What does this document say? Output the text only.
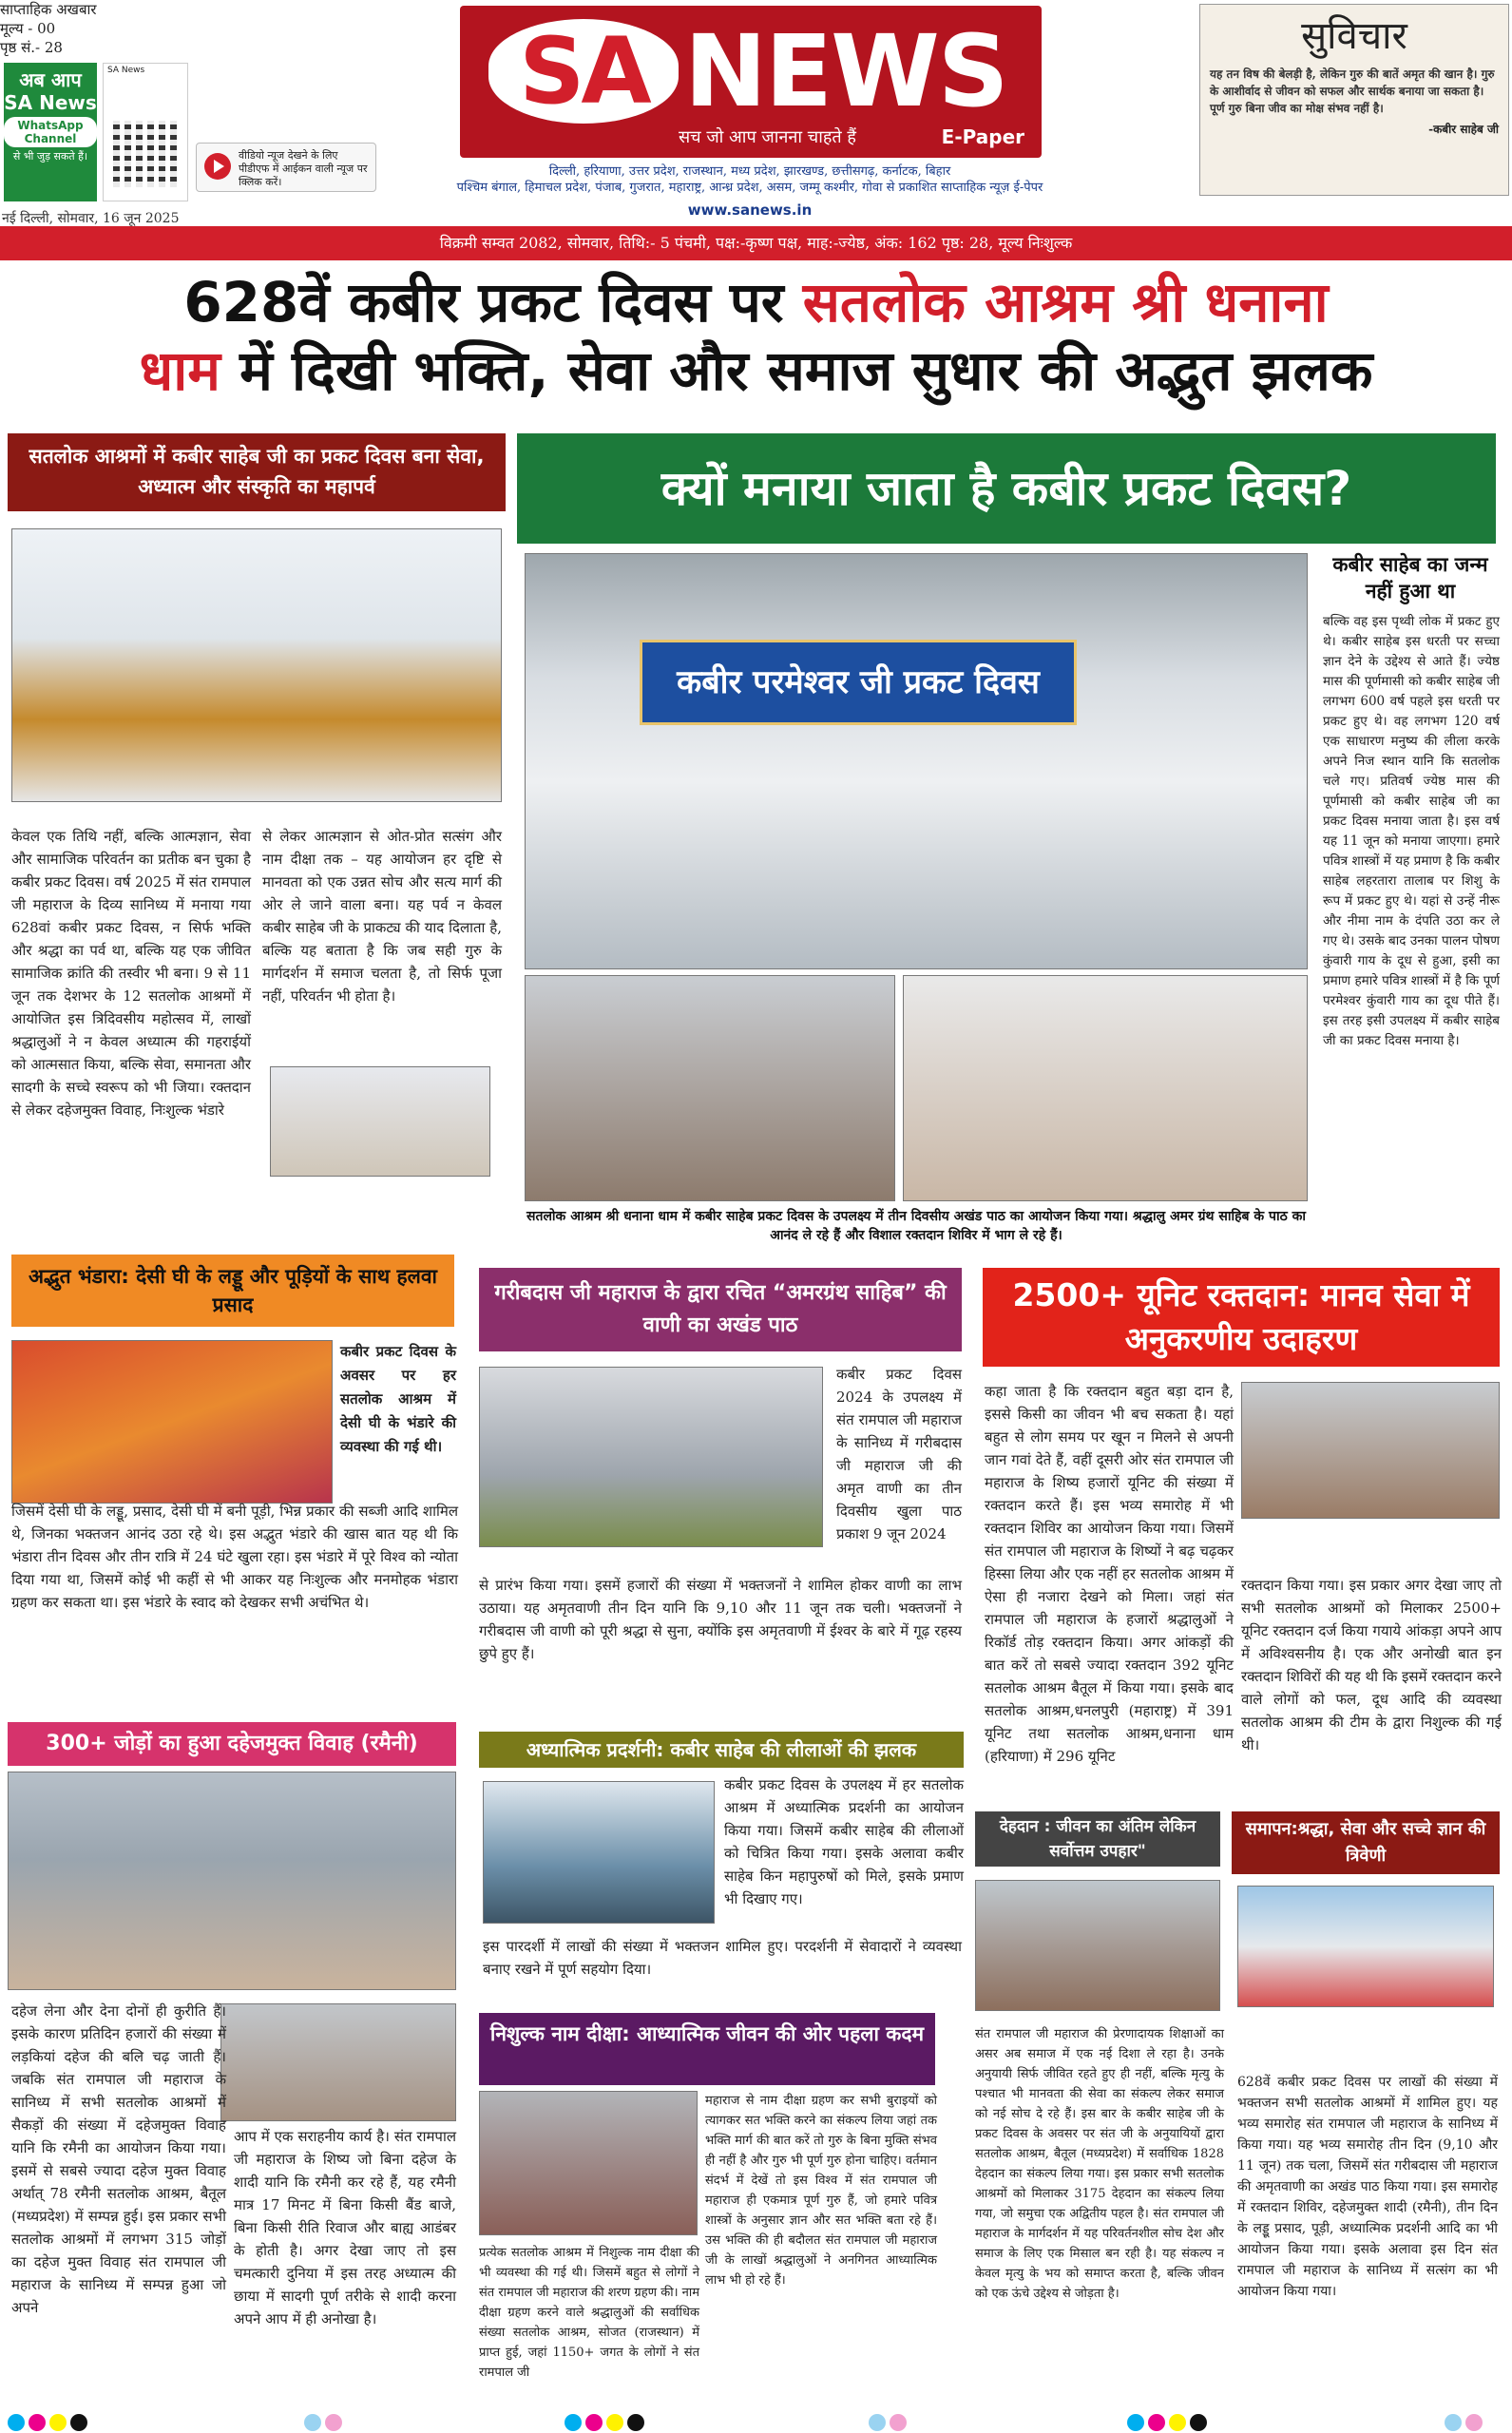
साप्ताहिक अखबार
मूल्य - 00
पृष्ठ सं.- 28
अब आप
SA News
WhatsApp Channel
से भी जुड़ सकते हैं।
SA News
वीडियो न्यूज देखने के लिए पीडीएफ में आईकन वाली न्यूज पर क्लिक करें।
नई दिल्ली, सोमवार, 16 जून 2025
SA NEWS
सच जो आप जानना चाहते हैं	E-Paper
दिल्ली, हरियाणा, उत्तर प्रदेश, राजस्थान, मध्य प्रदेश, झारखण्ड, छत्तीसगढ़, कर्नाटक, बिहार
पश्चिम बंगाल, हिमाचल प्रदेश, पंजाब, गुजरात, महाराष्ट्र, आन्ध्र प्रदेश, असम, जम्मू कश्मीर, गोवा से प्रकाशित साप्ताहिक न्यूज़ ई-पेपर
www.sanews.in
सुविचार
यह तन विष की बेलड़ी है, लेकिन गुरु की बातें अमृत की खान है। गुरु के आशीर्वाद से जीवन को सफल और सार्थक बनाया जा सकता है। पूर्ण गुरु बिना जीव का मोक्ष संभव नहीं है।
-कबीर साहेब जी
विक्रमी सम्वत 2082, सोमवार, तिथि:- 5 पंचमी, पक्ष:-कृष्ण पक्ष, माह:-ज्येष्ठ, अंक: 162 पृष्ठ: 28, मूल्य निःशुल्क
628वें कबीर प्रकट दिवस पर सतलोक आश्रम श्री धनाना
धाम में दिखी भक्ति, सेवा और समाज सुधार की अद्भुत झलक
सतलोक आश्रमों में कबीर साहेब जी का प्रकट दिवस बना सेवा, अध्यात्म और संस्कृति का महापर्व
केवल एक तिथि नहीं, बल्कि आत्मज्ञान, सेवा और सामाजिक परिवर्तन का प्रतीक बन चुका है कबीर प्रकट दिवस। वर्ष 2025 में संत रामपाल जी महाराज के दिव्य सानिध्य में मनाया गया 628वां कबीर प्रकट दिवस, न सिर्फ भक्ति और श्रद्धा का पर्व था, बल्कि यह एक जीवित सामाजिक क्रांति की तस्वीर भी बना। 9 से 11 जून तक देशभर के 12 सतलोक आश्रमों में आयोजित इस त्रिदिवसीय महोत्सव में, लाखों श्रद्धालुओं ने न केवल अध्यात्म की गहराईयों को आत्मसात किया, बल्कि सेवा, समानता और सादगी के सच्चे स्वरूप को भी जिया। रक्तदान से लेकर दहेजमुक्त विवाह, निःशुल्क भंडारे
से लेकर आत्मज्ञान से ओत-प्रोत सत्संग और नाम दीक्षा तक – यह आयोजन हर दृष्टि से मानवता को एक उन्नत सोच और सत्य मार्ग की ओर ले जाने वाला बना। यह पर्व न केवल कबीर साहेब जी के प्राकट्य की याद दिलाता है, बल्कि यह बताता है कि जब सही गुरु के मार्गदर्शन में समाज चलता है, तो सिर्फ पूजा नहीं, परिवर्तन भी होता है।
क्यों मनाया जाता है कबीर प्रकट दिवस?
कबीर परमेश्वर जी प्रकट दिवस
सतलोक आश्रम श्री धनाना धाम में कबीर साहेब प्रकट दिवस के उपलक्ष्य में तीन दिवसीय अखंड पाठ का आयोजन किया गया। श्रद्धालु अमर ग्रंथ साहिब के पाठ का आनंद ले रहे हैं और विशाल रक्तदान शिविर में भाग ले रहे हैं।
कबीर साहेब का जन्म नहीं हुआ था
बल्कि वह इस पृथ्वी लोक में प्रकट हुए थे। कबीर साहेब इस धरती पर सच्चा ज्ञान देने के उद्देश्य से आते हैं। ज्येष्ठ मास की पूर्णमासी को कबीर साहेब जी लगभग 600 वर्ष पहले इस धरती पर प्रकट हुए थे। वह लगभग 120 वर्ष एक साधारण मनुष्य की लीला करके अपने निज स्थान यानि कि सतलोक चले गए। प्रतिवर्ष ज्येष्ठ मास की पूर्णमासी को कबीर साहेब जी का प्रकट दिवस मनाया जाता है। इस वर्ष यह 11 जून को मनाया जाएगा। हमारे पवित्र शास्त्रों में यह प्रमाण है कि कबीर साहेब लहरतारा तालाब पर शिशु के रूप में प्रकट हुए थे। यहां से उन्हें नीरू और नीमा नाम के दंपति उठा कर ले गए थे। उसके बाद उनका पालन पोषण कुंवारी गाय के दूध से हुआ, इसी का प्रमाण हमारे पवित्र शास्त्रों में है कि पूर्ण परमेश्वर कुंवारी गाय का दूध पीते हैं। इस तरह इसी उपलक्ष्य में कबीर साहेब जी का प्रकट दिवस मनाया है।
अद्भुत भंडारा: देसी घी के लड्डू और पूड़ियों के साथ हलवा प्रसाद
कबीर प्रकट दिवस के अवसर पर हर सतलोक आश्रम में देसी घी के भंडारे की व्यवस्था की गई थी।
जिसमें देसी घी के लड्डू, प्रसाद, देसी घी में बनी पूड़ी, भिन्न प्रकार की सब्जी आदि शामिल थे, जिनका भक्तजन आनंद उठा रहे थे। इस अद्भुत भंडारे की खास बात यह थी कि भंडारा तीन दिवस और तीन रात्रि में 24 घंटे खुला रहा। इस भंडारे में पूरे विश्व को न्योता दिया गया था, जिसमें कोई भी कहीं से भी आकर यह निःशुल्क और मनमोहक भंडारा ग्रहण कर सकता था। इस भंडारे के स्वाद को देखकर सभी अचंभित थे।
300+ जोड़ों का हुआ दहेजमुक्त विवाह (रमैनी)
दहेज लेना और देना दोनों ही कुरीति हैं। इसके कारण प्रतिदिन हजारों की संख्या में लड़कियां दहेज की बलि चढ़ जाती हैं। जबकि संत रामपाल जी महाराज के सानिध्य में सभी सतलोक आश्रमों में सैकड़ों की संख्या में दहेजमुक्त विवाह यानि कि रमैनी का आयोजन किया गया। इसमें से सबसे ज्यादा दहेज मुक्त विवाह अर्थात् 78 रमैनी सतलोक आश्रम, बैतूल (मध्यप्रदेश) में सम्पन्न हुई। इस प्रकार सभी सतलोक आश्रमों में लगभग 315 जोड़ों का दहेज मुक्त विवाह संत रामपाल जी महाराज के सानिध्य में सम्पन्न हुआ जो अपने
आप में एक सराहनीय कार्य है। संत रामपाल जी महाराज के शिष्य जो बिना दहेज के शादी यानि कि रमैनी कर रहे हैं, यह रमैनी मात्र 17 मिनट में बिना किसी बैंड बाजे, बिना किसी रीति रिवाज और बाह्य आडंबर के होती है। अगर देखा जाए तो इस चमत्कारी दुनिया में इस तरह अध्यात्म की छाया में सादगी पूर्ण तरीके से शादी करना अपने आप में ही अनोखा है।
गरीबदास जी महाराज के द्वारा रचित “अमरग्रंथ साहिब” की वाणी का अखंड पाठ
कबीर प्रकट दिवस 2024 के उपलक्ष्य में संत रामपाल जी महाराज के सानिध्य में गरीबदास जी महाराज जी की अमृत वाणी का तीन दिवसीय खुला पाठ प्रकाश 9 जून 2024
से प्रारंभ किया गया। इसमें हजारों की संख्या में भक्तजनों ने शामिल होकर वाणी का लाभ उठाया। यह अमृतवाणी तीन दिन यानि कि 9,10 और 11 जून तक चली। भक्तजनों ने गरीबदास जी वाणी को पूरी श्रद्धा से सुना, क्योंकि इस अमृतवाणी में ईश्वर के बारे में गूढ़ रहस्य छुपे हुए हैं।
अध्यात्मिक प्रदर्शनी: कबीर साहेब की लीलाओं की झलक
कबीर प्रकट दिवस के उपलक्ष्य में हर सतलोक आश्रम में अध्यात्मिक प्रदर्शनी का आयोजन किया गया। जिसमें कबीर साहेब की लीलाओं को चित्रित किया गया। इसके अलावा कबीर साहेब किन महापुरुषों को मिले, इसके प्रमाण भी दिखाए गए।
इस पारदर्शी में लाखों की संख्या में भक्तजन शामिल हुए। परदर्शनी में सेवादारों ने व्यवस्था बनाए रखने में पूर्ण सहयोग दिया।
निशुल्क नाम दीक्षा: आध्यात्मिक जीवन की ओर पहला कदम
महाराज से नाम दीक्षा ग्रहण कर सभी बुराइयों को त्यागकर सत भक्ति करने का संकल्प लिया जहां तक भक्ति मार्ग की बात करें तो गुरु के बिना मुक्ति संभव ही नहीं है और गुरु भी पूर्ण गुरु होना चाहिए। वर्तमान संदर्भ में देखें तो इस विश्व में संत रामपाल जी महाराज ही एकमात्र पूर्ण गुरु हैं, जो हमारे पवित्र शास्त्रों के अनुसार ज्ञान और सत भक्ति बता रहे हैं। उस भक्ति की ही बदौलत संत रामपाल जी महाराज जी के लाखों श्रद्धालुओं ने अनगिनत आध्यात्मिक लाभ भी हो रहे हैं।
प्रत्येक सतलोक आश्रम में निशुल्क नाम दीक्षा की भी व्यवस्था की गई थी। जिसमें बहुत से लोगों ने संत रामपाल जी महाराज की शरण ग्रहण की। नाम दीक्षा ग्रहण करने वाले श्रद्धालुओं की सर्वाधिक संख्या सतलोक आश्रम, सोजत (राजस्थान) में प्राप्त हुई, जहां 1150+ जगत के लोगों ने संत रामपाल जी
2500+ यूनिट रक्तदान: मानव सेवा में अनुकरणीय उदाहरण
कहा जाता है कि रक्तदान बहुत बड़ा दान है, इससे किसी का जीवन भी बच सकता है। यहां बहुत से लोग समय पर खून न मिलने से अपनी जान गवां देते हैं, वहीं दूसरी ओर संत रामपाल जी महाराज के शिष्य हजारों यूनिट की संख्या में रक्तदान करते हैं। इस भव्य समारोह में भी रक्तदान शिविर का आयोजन किया गया। जिसमें संत रामपाल जी महाराज के शिष्यों ने बढ़ चढ़कर हिस्सा लिया और एक नहीं हर सतलोक आश्रम में ऐसा ही नजारा देखने को मिला। जहां संत रामपाल जी महाराज के हजारों श्रद्धालुओं ने रिकॉर्ड तोड़ रक्तदान किया। अगर आंकड़ों की बात करें तो सबसे ज्यादा रक्तदान 392 यूनिट सतलोक आश्रम बैतूल में किया गया। इसके बाद सतलोक आश्रम,धनलपुरी (महाराष्ट्र) में 391 यूनिट तथा सतलोक आश्रम,धनाना धाम (हरियाणा) में 296 यूनिट
रक्तदान किया गया। इस प्रकार अगर देखा जाए तो सभी सतलोक आश्रमों को मिलाकर 2500+ यूनिट रक्तदान दर्ज किया गयाये आंकड़ा अपने आप में अविश्वसनीय है। एक और अनोखी बात इन रक्तदान शिविरों की यह थी कि इसमें रक्तदान करने वाले लोगों को फल, दूध आदि की व्यवस्था सतलोक आश्रम की टीम के द्वारा निशुल्क की गई थी।
देहदान : जीवन का अंतिम लेकिन सर्वोत्तम उपहार"
संत रामपाल जी महाराज की प्रेरणादायक शिक्षाओं का असर अब समाज में एक नई दिशा ले रहा है। उनके अनुयायी सिर्फ जीवित रहते हुए ही नहीं, बल्कि मृत्यु के पश्चात भी मानवता की सेवा का संकल्प लेकर समाज को नई सोच दे रहे हैं। इस बार के कबीर साहेब जी के प्रकट दिवस के अवसर पर संत जी के अनुयायियों द्वारा सतलोक आश्रम, बैतूल (मध्यप्रदेश) में सर्वाधिक 1828 देहदान का संकल्प लिया गया। इस प्रकार सभी सतलोक आश्रमों को मिलाकर 3175 देहदान का संकल्प लिया गया, जो समुचा एक अद्वितीय पहल है। संत रामपाल जी महाराज के मार्गदर्शन में यह परिवर्तनशील सोच देश और समाज के लिए एक मिसाल बन रही है। यह संकल्प न केवल मृत्यु के भय को समाप्त करता है, बल्कि जीवन को एक ऊंचे उद्देश्य से जोड़ता है।
समापन:श्रद्धा, सेवा और सच्चे ज्ञान की त्रिवेणी
628वें कबीर प्रकट दिवस पर लाखों की संख्या में भक्तजन सभी सतलोक आश्रमों में शामिल हुए। यह भव्य समारोह संत रामपाल जी महाराज के सानिध्य में किया गया। यह भव्य समारोह तीन दिन (9,10 और 11 जून) तक चला, जिसमें संत गरीबदास जी महाराज की अमृतवाणी का अखंड पाठ किया गया। इस समारोह में रक्तदान शिविर, दहेजमुक्त शादी (रमैनी), तीन दिन के लड्डू प्रसाद, पूड़ी, अध्यात्मिक प्रदर्शनी आदि का भी आयोजन किया गया। इसके अलावा इस दिन संत रामपाल जी महाराज के सानिध्य में सत्संग का भी आयोजन किया गया।
